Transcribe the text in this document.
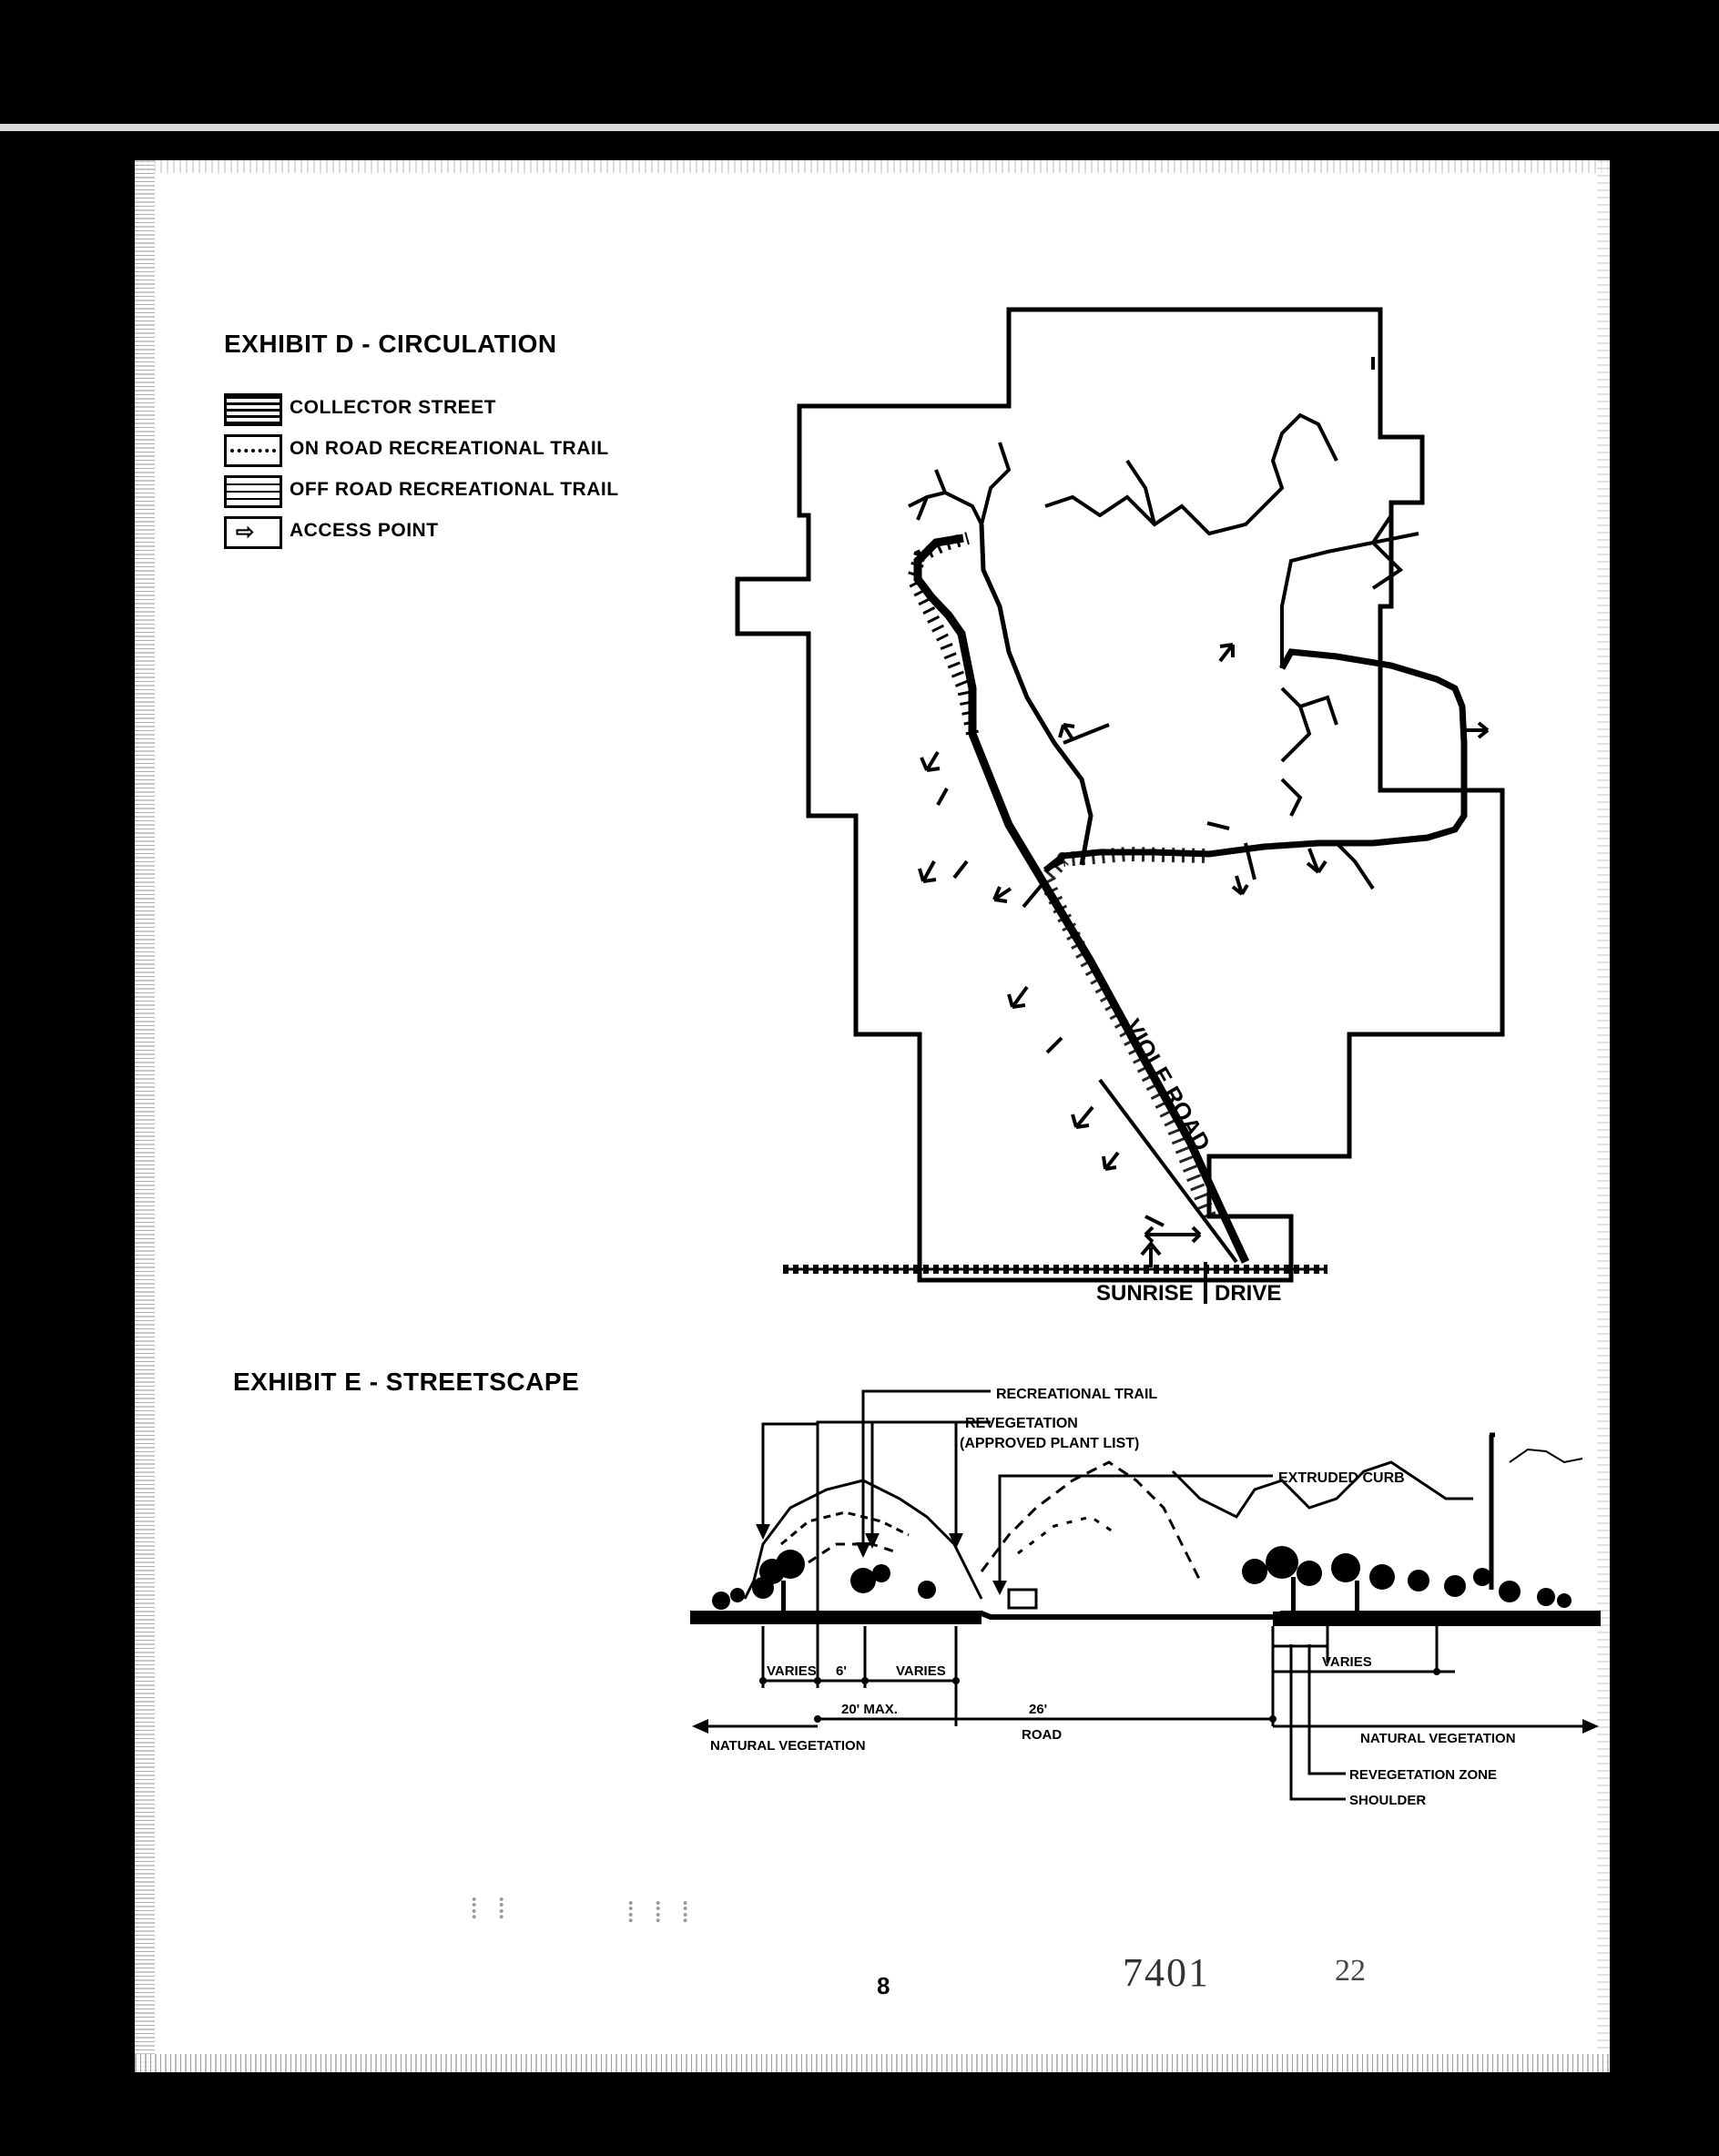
EXHIBIT D - CIRCULATION
COLLECTOR STREET
ON ROAD RECREATIONAL TRAIL
OFF ROAD RECREATIONAL TRAIL
⇨ ACCESS POINT
VIOLE ROAD
SUNRISE DRIVE
EXHIBIT E - STREETSCAPE	RECREATIONAL TRAIL
REVEGETATION
(APPROVED PLANT LIST)
EXTRUDED CURB
VARIES 6'	VARIES
20' MAX.	26'
ROAD
VARIES
NATURAL VEGETATION	NATURAL VEGETATION
REVEGETATION ZONE
SHOULDER
⁞ ⁞	⁞ ⁞ ⁞
8	7401	22
